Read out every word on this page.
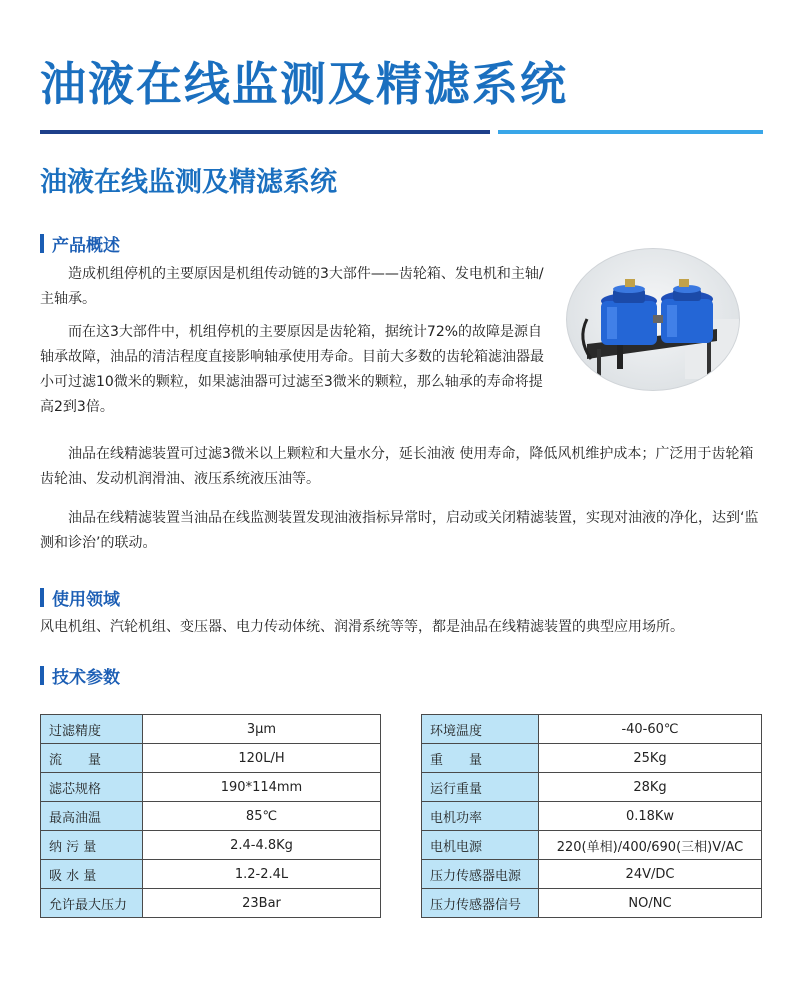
油液在线监测及精滤系统
油液在线监测及精滤系统
产品概述

造成机组停机的主要原因是机组传动链的3大部件——齿轮箱、发电机和主轴/主轴承。

而在这3大部件中，机组停机的主要原因是齿轮箱，据统计72%的故障是源自轴承故障，油品的清洁程度直接影响轴承使用寿命。目前大多数的齿轮箱滤油器最小可过滤10微米的颗粒，如果滤油器可过滤至3微米的颗粒，那么轴承的寿命将提高2到3倍。

油品在线精滤装置可过滤3微米以上颗粒和大量水分，延长油液 使用寿命，降低风机维护成本；广泛用于齿轮箱齿轮油、发动机润滑油、液压系统液压油等。

油品在线精滤装置当油品在线监测装置发现油液指标异常时，启动或关闭精滤装置，实现对油液的净化，达到‘监测和诊治’的联动。

使用领域

风电机组、汽轮机组、变压器、电力传动体统、润滑系统等等，都是油品在线精滤装置的典型应用场所。

技术参数
过滤精度	3μm
流　　量	120L/H
滤芯规格	190*114mm
最高油温	85℃
纳 污 量	2.4-4.8Kg
吸 水 量	1.2-2.4L
允许最大压力	23Bar
环境温度	-40-60℃
重　　量	25Kg
运行重量	28Kg
电机功率	0.18Kw
电机电源	220(单相)/400/690(三相)V/AC
压力传感器电源	24V/DC
压力传感器信号	NO/NC
